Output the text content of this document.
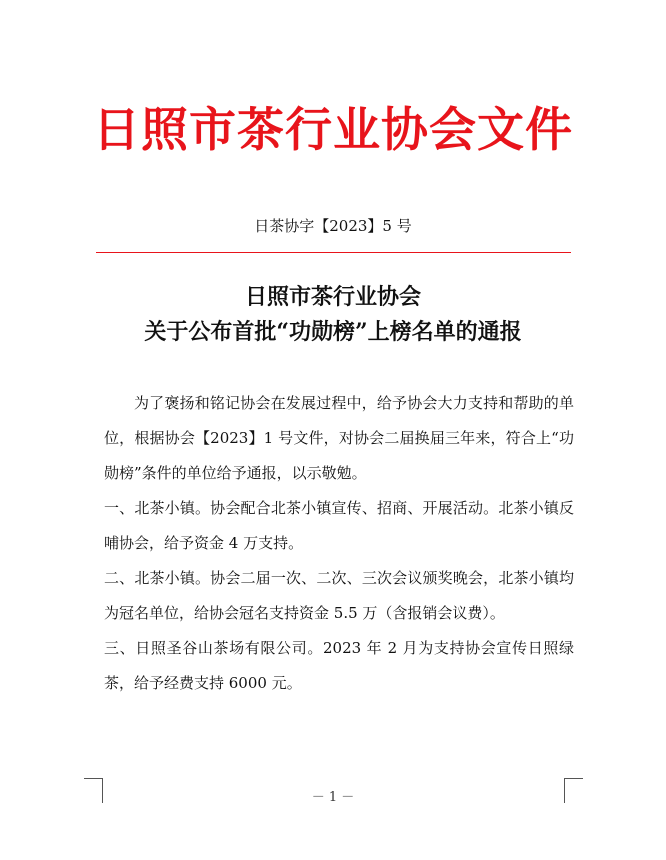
日照市茶行业协会文件
日茶协字【2023】5 号
日照市茶行业协会
关于公布首批“功勋榜”上榜名单的通报

为了褒扬和铭记协会在发展过程中，给予协会大力支持和帮助的单位，根据协会【2023】1 号文件，对协会二届换届三年来，符合上“功勋榜”条件的单位给予通报，以示敬勉。

一、北茶小镇。协会配合北茶小镇宣传、招商、开展活动。北茶小镇反哺协会，给予资金 4 万支持。

二、北茶小镇。协会二届一次、二次、三次会议颁奖晚会，北茶小镇均为冠名单位，给协会冠名支持资金 5.5 万（含报销会议费）。

三、日照圣谷山茶场有限公司。2023 年 2 月为支持协会宣传日照绿茶，给予经费支持 6000 元。

－ 1 －
